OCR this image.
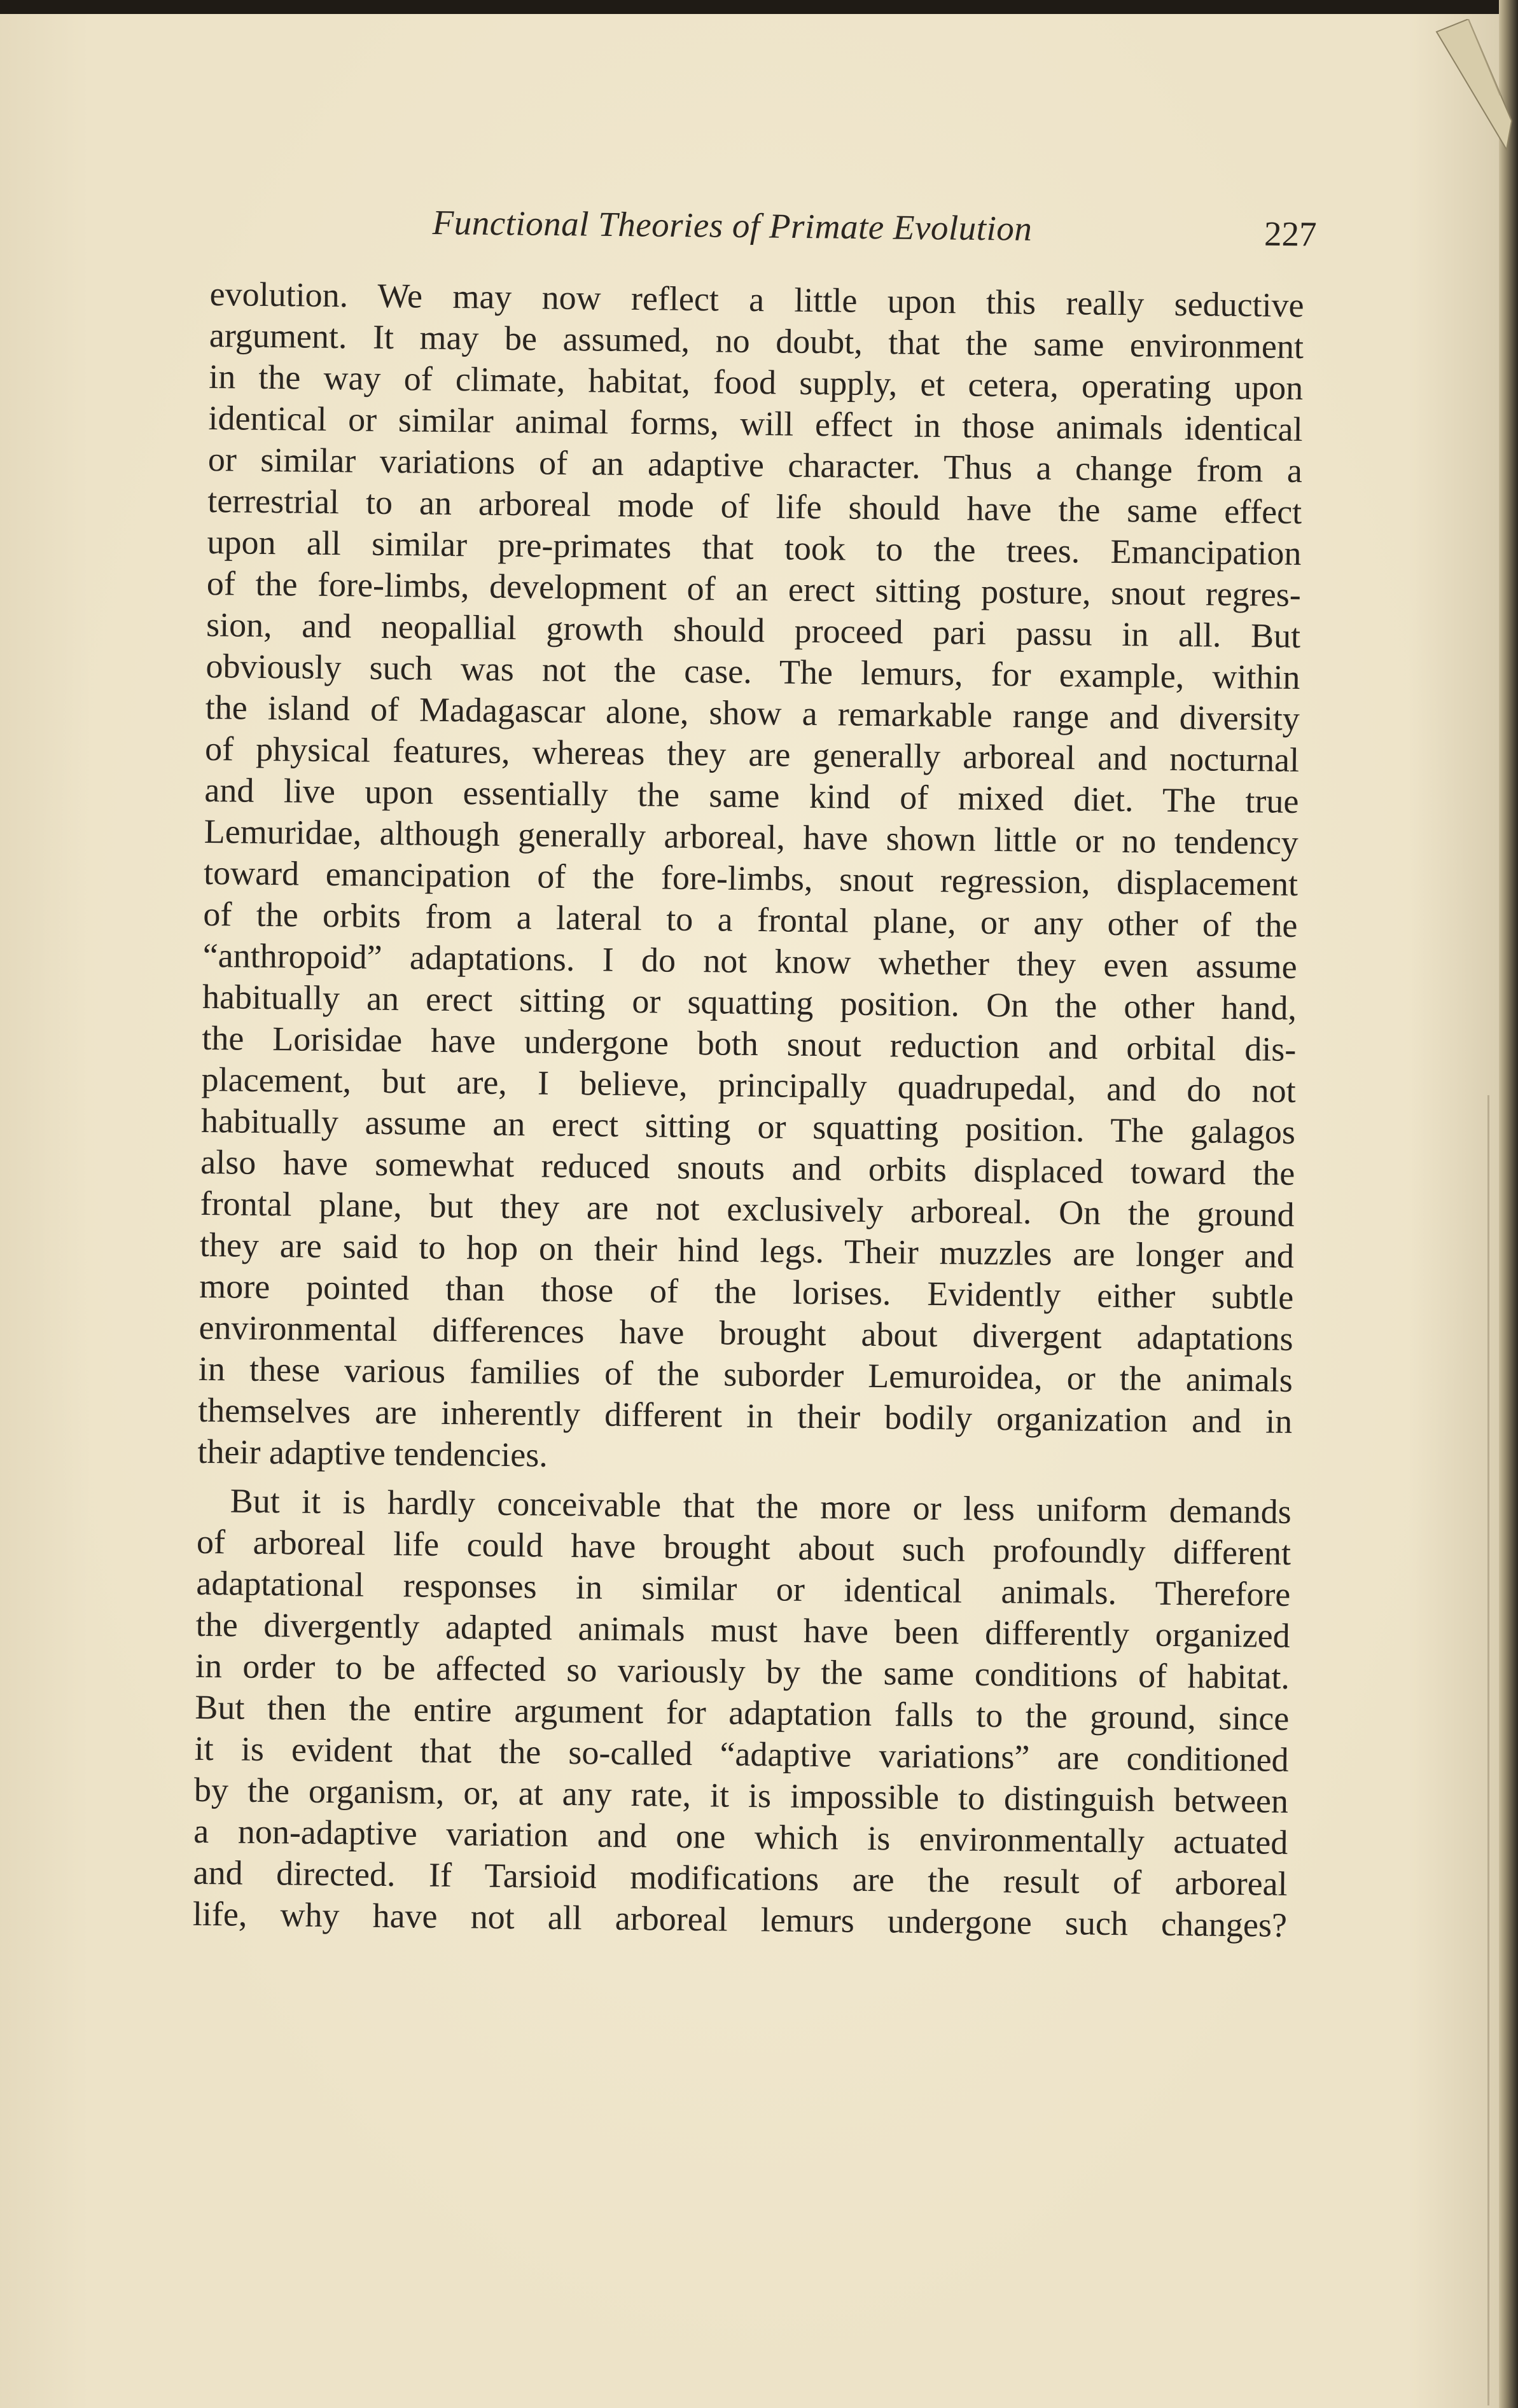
Functional Theories of Primate Evolution	227
evolution. We may now reflect a little upon this really seductive
argument. It may be assumed, no doubt, that the same environment
in the way of climate, habitat, food supply, et cetera, operating upon
identical or similar animal forms, will effect in those animals identical
or similar variations of an adaptive character. Thus a change from a
terrestrial to an arboreal mode of life should have the same effect
upon all similar pre-primates that took to the trees. Emancipation
of the fore-limbs, development of an erect sitting posture, snout regres-
sion, and neopallial growth should proceed pari passu in all. But
obviously such was not the case. The lemurs, for example, within
the island of Madagascar alone, show a remarkable range and diversity
of physical features, whereas they are generally arboreal and nocturnal
and live upon essentially the same kind of mixed diet. The true
Lemuridae, although generally arboreal, have shown little or no tendency
toward emancipation of the fore-limbs, snout regression, displacement
of the orbits from a lateral to a frontal plane, or any other of the
“anthropoid” adaptations. I do not know whether they even assume
habitually an erect sitting or squatting position. On the other hand,
the Lorisidae have undergone both snout reduction and orbital dis-
placement, but are, I believe, principally quadrupedal, and do not
habitually assume an erect sitting or squatting position. The galagos
also have somewhat reduced snouts and orbits displaced toward the
frontal plane, but they are not exclusively arboreal. On the ground
they are said to hop on their hind legs. Their muzzles are longer and
more pointed than those of the lorises. Evidently either subtle
environmental differences have brought about divergent adaptations
in these various families of the suborder Lemuroidea, or the animals
themselves are inherently different in their bodily organization and in
their adaptive tendencies.
But it is hardly conceivable that the more or less uniform demands
of arboreal life could have brought about such profoundly different
adaptational responses in similar or identical animals. Therefore
the divergently adapted animals must have been differently organized
in order to be affected so variously by the same conditions of habitat.
But then the entire argument for adaptation falls to the ground, since
it is evident that the so-called “adaptive variations” are conditioned
by the organism, or, at any rate, it is impossible to distinguish between
a non-adaptive variation and one which is environmentally actuated
and directed. If Tarsioid modifications are the result of arboreal
life, why have not all arboreal lemurs undergone such changes?
